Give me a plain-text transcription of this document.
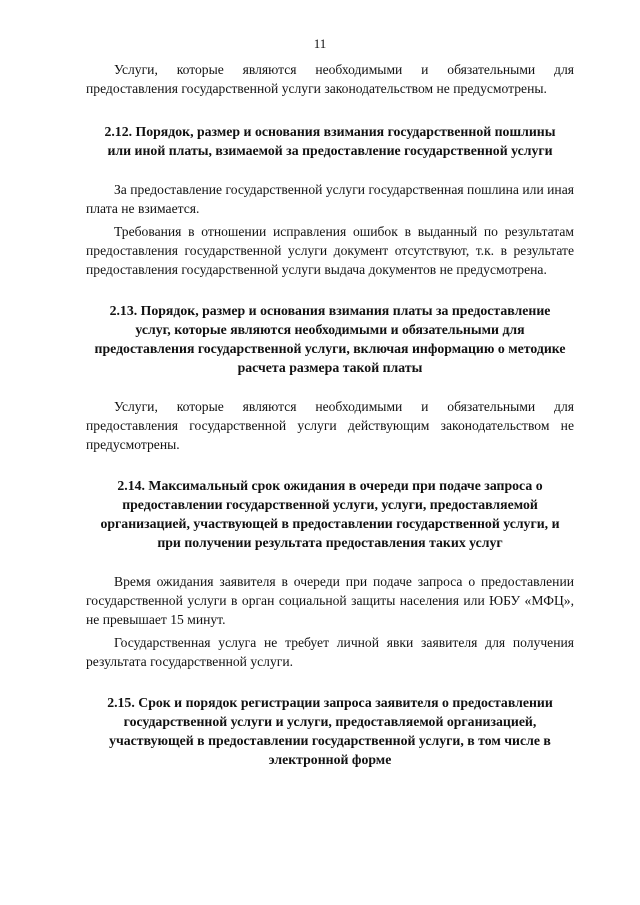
11

Услуги, которые являются необходимыми и обязательными для предоставления государственной услуги законодательством не предусмотрены.

2.12. Порядок, размер и основания взимания государственной пошлины или иной платы, взимаемой за предоставление государственной услуги

За предоставление государственной услуги государственная пошлина или иная плата не взимается.

Требования в отношении исправления ошибок в выданный по результатам предоставления государственной услуги документ отсутствуют, т.к. в результате предоставления государственной услуги выдача документов не предусмотрена.

2.13. Порядок, размер и основания взимания платы за предоставление услуг, которые являются необходимыми и обязательными для предоставления государственной услуги, включая информацию о методике расчета размера такой платы

Услуги, которые являются необходимыми и обязательными для предоставления государственной услуги действующим законодательством не предусмотрены.

2.14. Максимальный срок ожидания в очереди при подаче запроса о предоставлении государственной услуги, услуги, предоставляемой организацией, участвующей в предоставлении государственной услуги, и при получении результата предоставления таких услуг

Время ожидания заявителя в очереди при подаче запроса о предоставлении государственной услуги в орган социальной защиты населения или ЮБУ «МФЦ», не превышает 15 минут.

Государственная услуга не требует личной явки заявителя для получения результата государственной услуги.

2.15. Срок и порядок регистрации запроса заявителя о предоставлении государственной услуги и услуги, предоставляемой организацией, участвующей в предоставлении государственной услуги, в том числе в электронной форме
